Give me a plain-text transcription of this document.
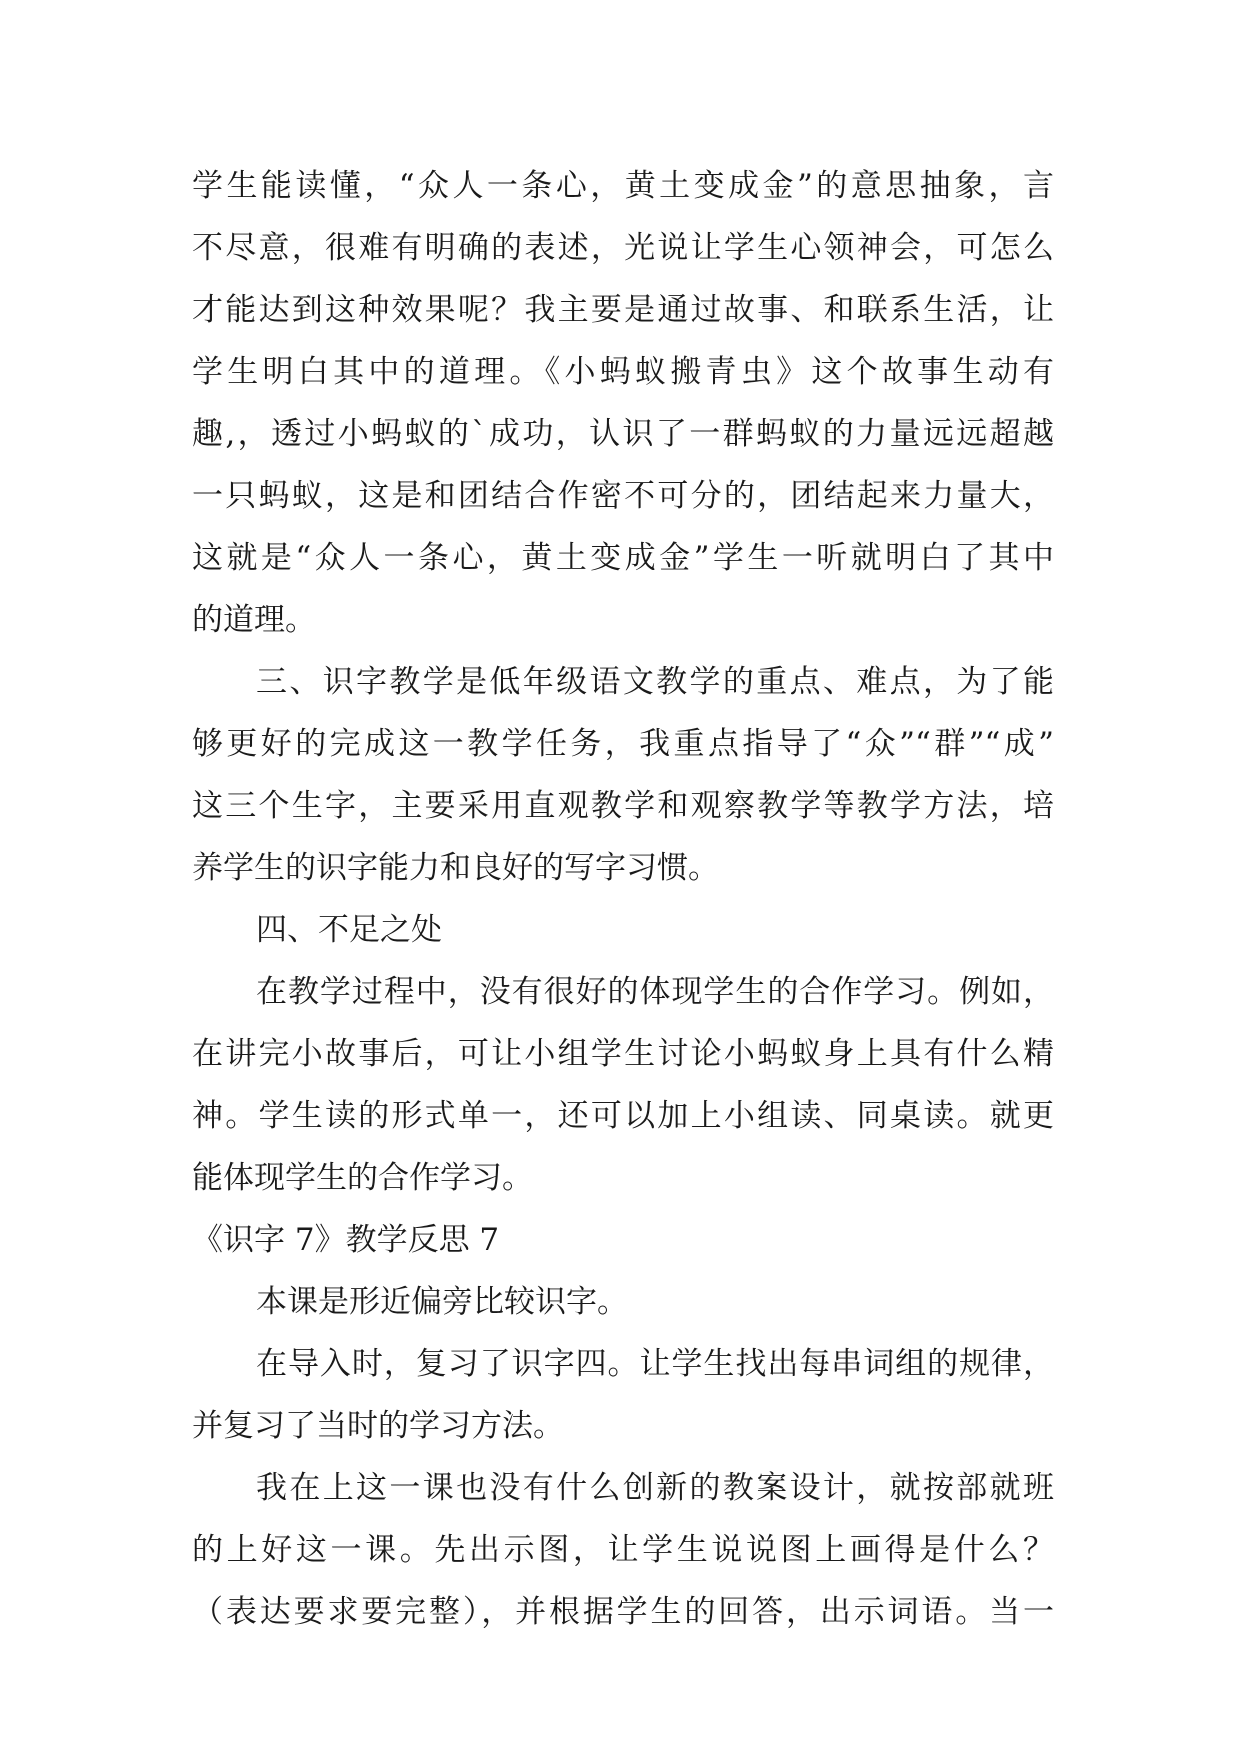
学生能读懂，“众人一条心，黄土变成金”的意思抽象，言
不尽意，很难有明确的表述，光说让学生心领神会，可怎么
才能达到这种效果呢？我主要是通过故事、和联系生活，让
学生明白其中的道理。《小蚂蚁搬青虫》这个故事生动有
趣,，透过小蚂蚁的`成功，认识了一群蚂蚁的力量远远超越
一只蚂蚁，这是和团结合作密不可分的，团结起来力量大，
这就是“众人一条心，黄土变成金”学生一听就明白了其中
的道理。
三、识字教学是低年级语文教学的重点、难点，为了能
够更好的完成这一教学任务，我重点指导了“众”“群”“成”
这三个生字，主要采用直观教学和观察教学等教学方法，培
养学生的识字能力和良好的写字习惯。
四、不足之处
在教学过程中，没有很好的体现学生的合作学习。例如，
在讲完小故事后，可让小组学生讨论小蚂蚁身上具有什么精
神。学生读的形式单一，还可以加上小组读、同桌读。就更
能体现学生的合作学习。
《识字 7》教学反思 7
本课是形近偏旁比较识字。
在导入时，复习了识字四。让学生找出每串词组的规律，
并复习了当时的学习方法。
我在上这一课也没有什么创新的教案设计，就按部就班
的上好这一课。先出示图，让学生说说图上画得是什么？
（表达要求要完整），并根据学生的回答，出示词语。当一
